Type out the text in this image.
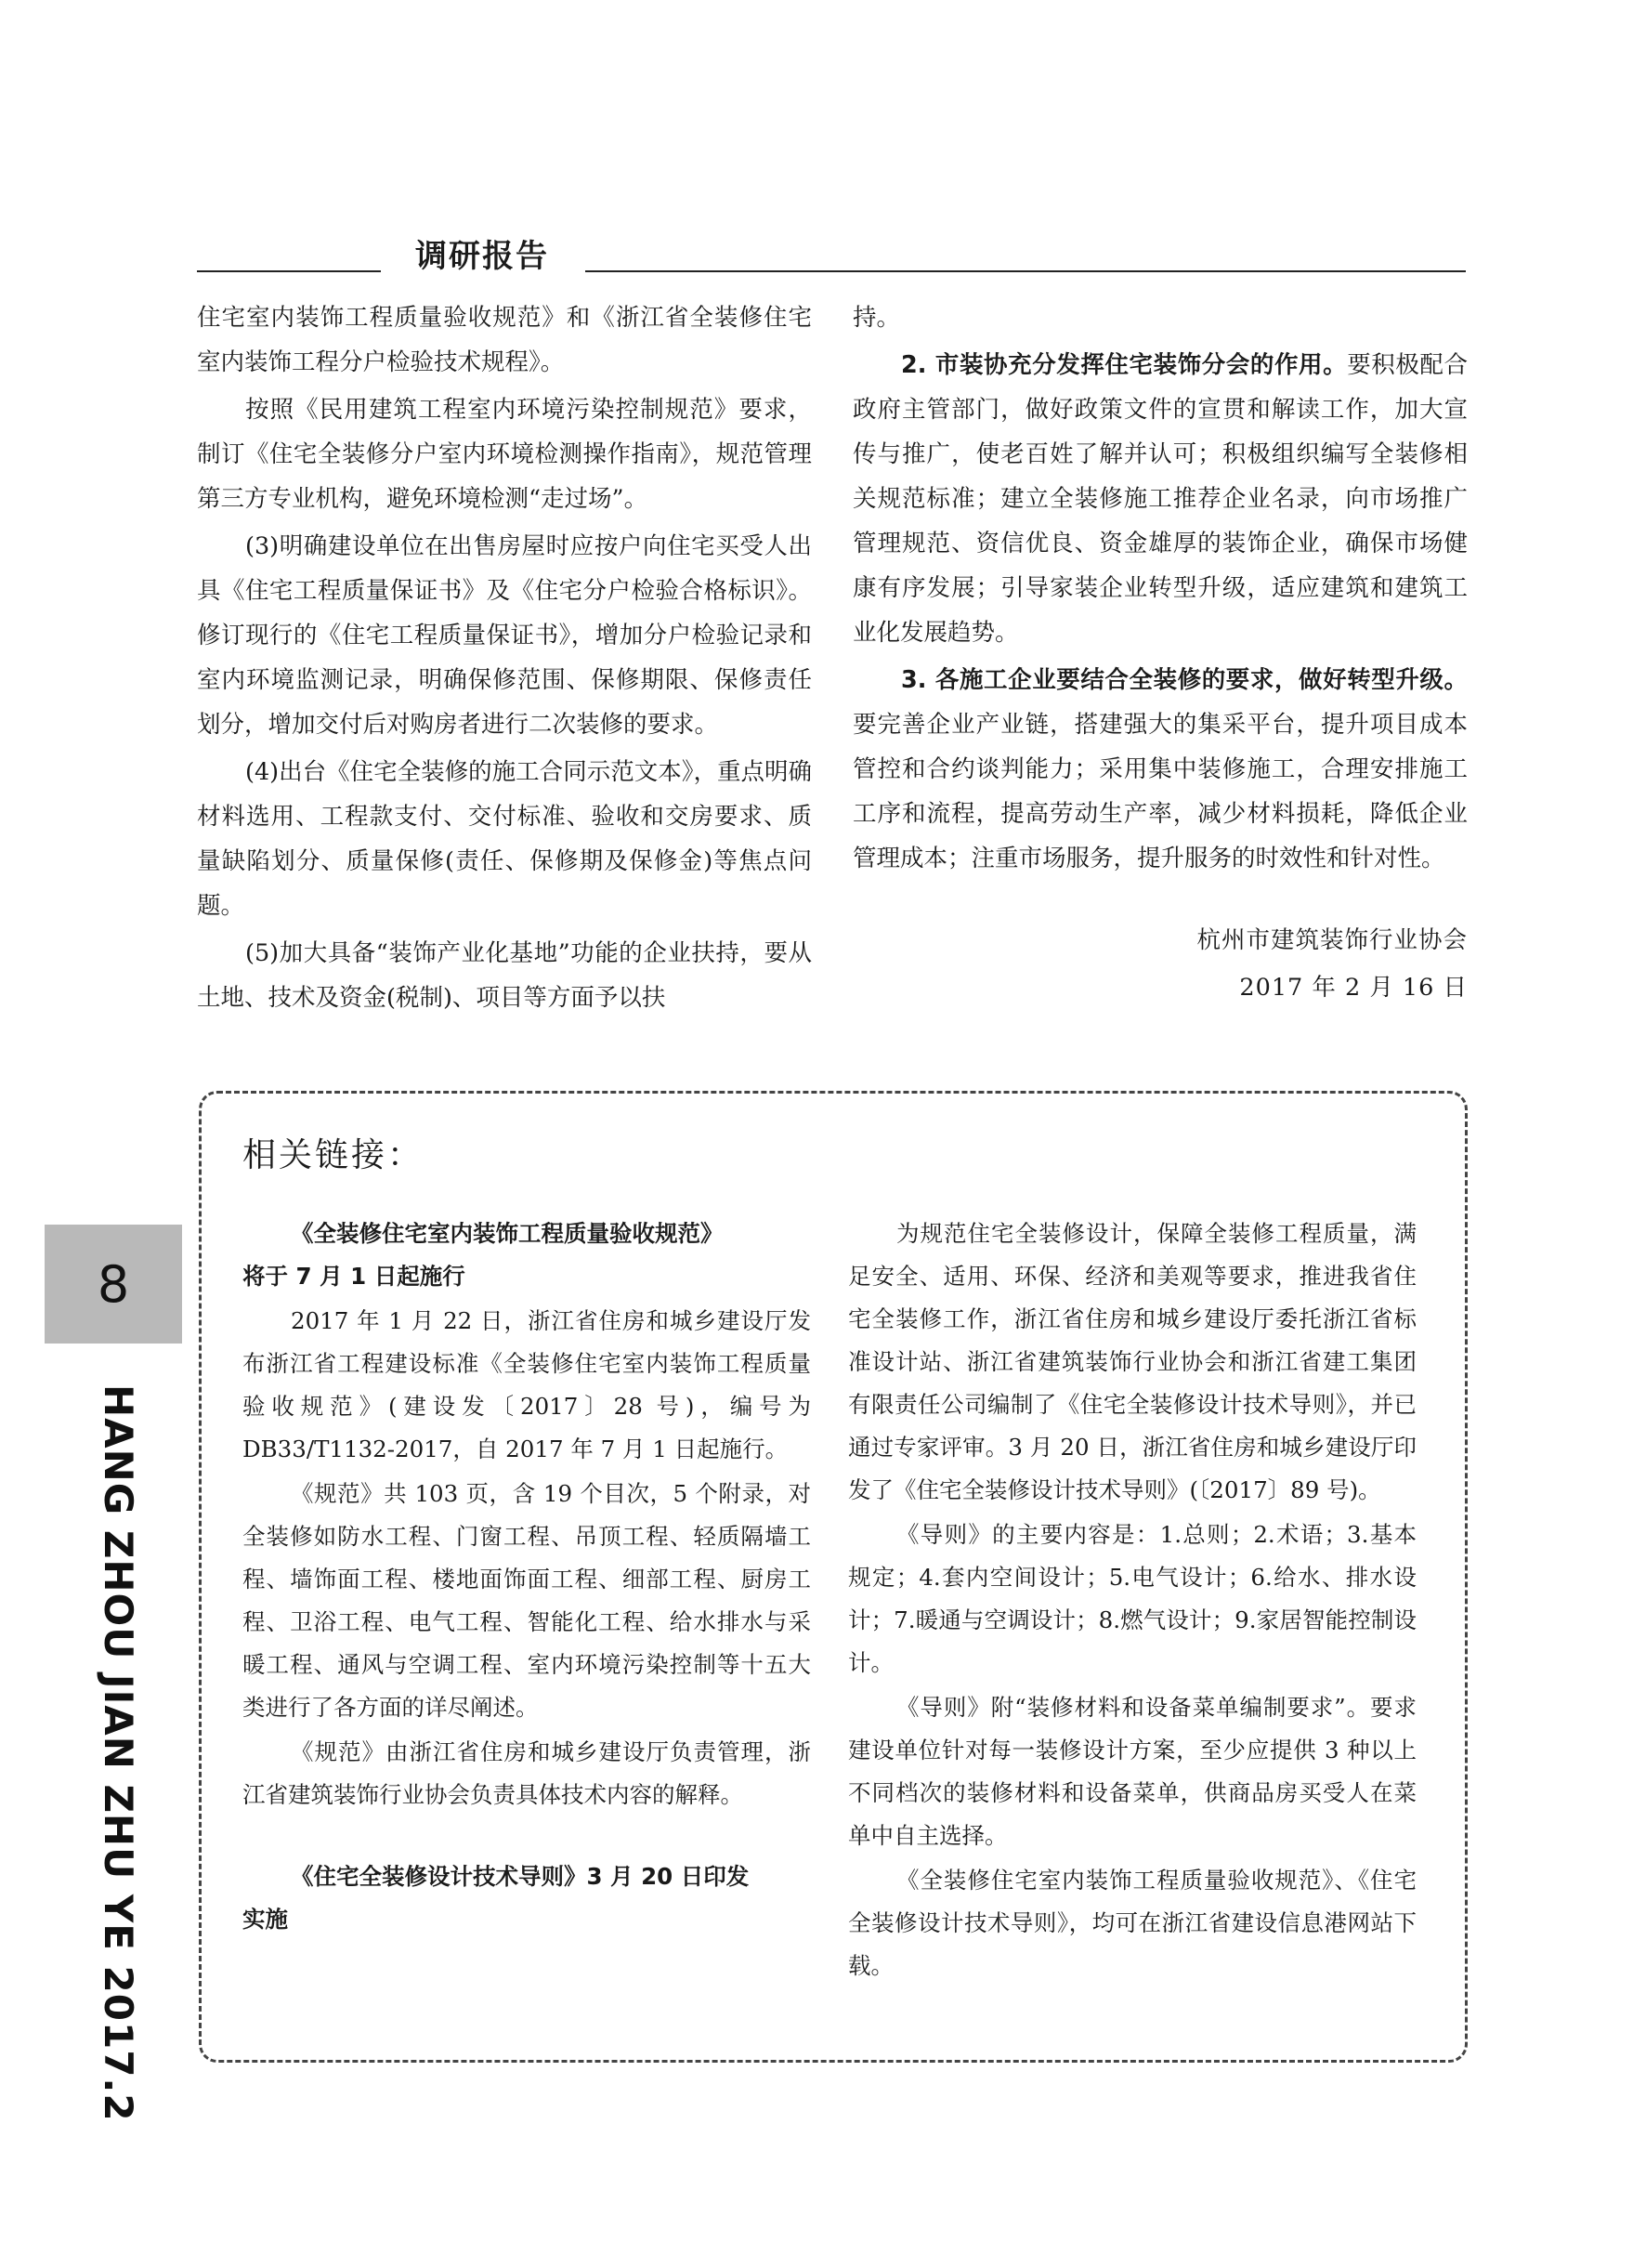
调研报告

住宅室内装饰工程质量验收规范》和《浙江省全装修住宅室内装饰工程分户检验技术规程》。

按照《民用建筑工程室内环境污染控制规范》要求，制订《住宅全装修分户室内环境检测操作指南》，规范管理第三方专业机构，避免环境检测“走过场”。

(3)明确建设单位在出售房屋时应按户向住宅买受人出具《住宅工程质量保证书》及《住宅分户检验合格标识》。修订现行的《住宅工程质量保证书》，增加分户检验记录和室内环境监测记录，明确保修范围、保修期限、保修责任划分，增加交付后对购房者进行二次装修的要求。

(4)出台《住宅全装修的施工合同示范文本》，重点明确材料选用、工程款支付、交付标准、验收和交房要求、质量缺陷划分、质量保修(责任、保修期及保修金)等焦点问题。

(5)加大具备“装饰产业化基地”功能的企业扶持，要从土地、技术及资金(税制)、项目等方面予以扶

持。

2. 市装协充分发挥住宅装饰分会的作用。要积极配合政府主管部门，做好政策文件的宣贯和解读工作，加大宣传与推广，使老百姓了解并认可；积极组织编写全装修相关规范标准；建立全装修施工推荐企业名录，向市场推广管理规范、资信优良、资金雄厚的装饰企业，确保市场健康有序发展；引导家装企业转型升级，适应建筑和建筑工业化发展趋势。

3. 各施工企业要结合全装修的要求，做好转型升级。要完善企业产业链，搭建强大的集采平台，提升项目成本管控和合约谈判能力；采用集中装修施工，合理安排施工工序和流程，提高劳动生产率，减少材料损耗，降低企业管理成本；注重市场服务，提升服务的时效性和针对性。

杭州市建筑装饰行业协会

2017 年 2 月 16 日

相关链接：

《全装修住宅室内装饰工程质量验收规范》

将于 7 月 1 日起施行

2017 年 1 月 22 日，浙江省住房和城乡建设厅发布浙江省工程建设标准《全装修住宅室内装饰工程质量验收规范》(建设发〔2017〕28 号)，编号为 DB33/T1132-2017，自 2017 年 7 月 1 日起施行。

《规范》共 103 页，含 19 个目次，5 个附录，对全装修如防水工程、门窗工程、吊顶工程、轻质隔墙工程、墙饰面工程、楼地面饰面工程、细部工程、厨房工程、卫浴工程、电气工程、智能化工程、给水排水与采暖工程、通风与空调工程、室内环境污染控制等十五大类进行了各方面的详尽阐述。

《规范》由浙江省住房和城乡建设厅负责管理，浙江省建筑装饰行业协会负责具体技术内容的解释。

《住宅全装修设计技术导则》3 月 20 日印发

实施

为规范住宅全装修设计，保障全装修工程质量，满足安全、适用、环保、经济和美观等要求，推进我省住宅全装修工作，浙江省住房和城乡建设厅委托浙江省标准设计站、浙江省建筑装饰行业协会和浙江省建工集团有限责任公司编制了《住宅全装修设计技术导则》，并已通过专家评审。3 月 20 日，浙江省住房和城乡建设厅印发了《住宅全装修设计技术导则》(〔2017〕89 号)。

《导则》的主要内容是：1.总则；2.术语；3.基本规定；4.套内空间设计；5.电气设计；6.给水、排水设计；7.暖通与空调设计；8.燃气设计；9.家居智能控制设计。

《导则》附“装修材料和设备菜单编制要求”。要求建设单位针对每一装修设计方案，至少应提供 3 种以上不同档次的装修材料和设备菜单，供商品房买受人在菜单中自主选择。

《全装修住宅室内装饰工程质量验收规范》、《住宅全装修设计技术导则》，均可在浙江省建设信息港网站下载。

8
HANG ZHOU JIAN ZHU YE 2017.2
